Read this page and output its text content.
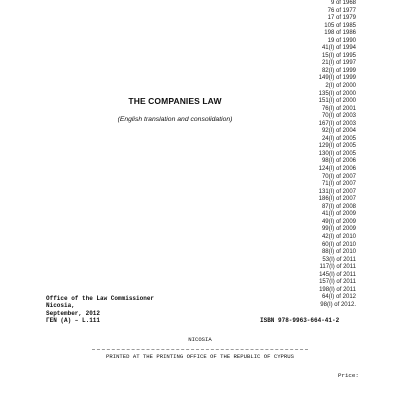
9 of 1968
76 of 1977
17 of 1979
105 of 1985
198 of 1986
19 of 1990
41(I) of 1994
15(I) of 1995
21(I) of 1997
82(I) of 1999
149(I) of 1999
2(I) of 2000
135(I) of 2000
151(I) of 2000
76(I) of 2001
70(I) of 2003
167(I) of 2003
92(I) of 2004
24(I) of 2005
129(I) of 2005
130(I) of 2005
98(I) of 2006
124(I) of 2006
70(I) of 2007
71(I) of 2007
131(I) of 2007
186(I) of 2007
87(I) of 2008
41(I) of 2009
49(I) of 2009
99(I) of 2009
42(I) of 2010
60(I) of 2010
88(I) of 2010
53(I) of 2011
117(I) of 2011
145(I) of 2011
157(I) of 2011
198(I) of 2011
64(I) of 2012
98(I) of 2012.
THE COMPANIES LAW
(English translation and consolidation)
Office of the Law Commissioner
Nicosia,
September, 2012
ΓΕΝ (Α) – L.111	ISBN 978-9963-664-41-2
NICOSIA
PRINTED AT THE PRINTING OFFICE OF THE REPUBLIC OF CYPRUS
Price:
